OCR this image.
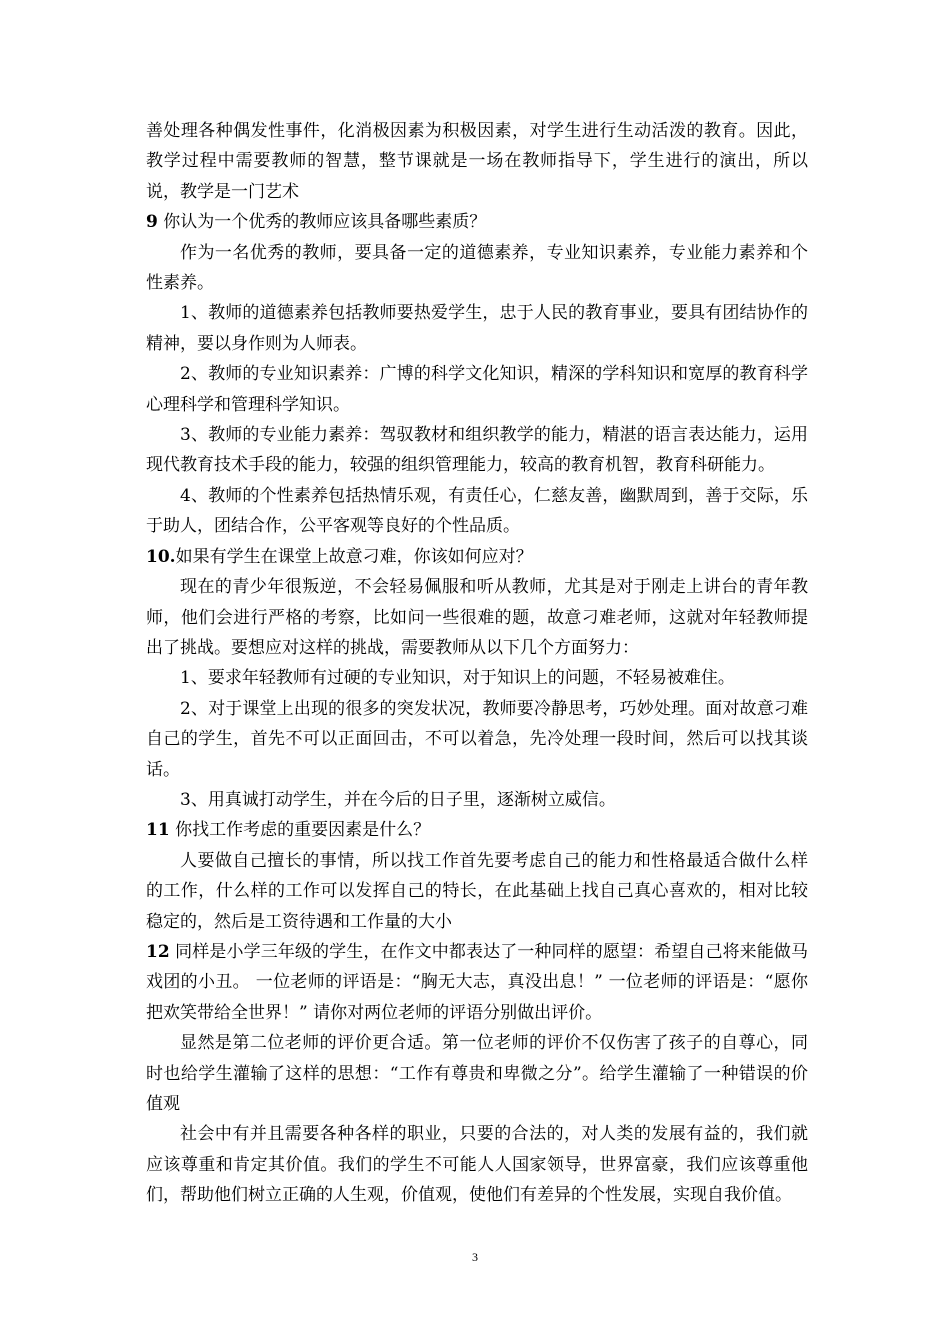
善处理各种偶发性事件，化消极因素为积极因素，对学生进行生动活泼的教育。因此，教学过程中需要教师的智慧，整节课就是一场在教师指导下，学生进行的演出，所以说，教学是一门艺术

9 你认为一个优秀的教师应该具备哪些素质？

作为一名优秀的教师，要具备一定的道德素养，专业知识素养，专业能力素养和个性素养。

1、教师的道德素养包括教师要热爱学生，忠于人民的教育事业，要具有团结协作的精神，要以身作则为人师表。

2、教师的专业知识素养：广博的科学文化知识，精深的学科知识和宽厚的教育科学心理科学和管理科学知识。

3、教师的专业能力素养：驾驭教材和组织教学的能力，精湛的语言表达能力，运用现代教育技术手段的能力，较强的组织管理能力，较高的教育机智，教育科研能力。

4、教师的个性素养包括热情乐观，有责任心，仁慈友善，幽默周到，善于交际，乐于助人，团结合作，公平客观等良好的个性品质。

10.如果有学生在课堂上故意刁难，你该如何应对？

现在的青少年很叛逆，不会轻易佩服和听从教师，尤其是对于刚走上讲台的青年教师，他们会进行严格的考察，比如问一些很难的题，故意刁难老师，这就对年轻教师提出了挑战。要想应对这样的挑战，需要教师从以下几个方面努力：

1、要求年轻教师有过硬的专业知识，对于知识上的问题，不轻易被难住。

2、对于课堂上出现的很多的突发状况，教师要冷静思考，巧妙处理。面对故意刁难自己的学生，首先不可以正面回击，不可以着急，先冷处理一段时间，然后可以找其谈话。

3、用真诚打动学生，并在今后的日子里，逐渐树立威信。

11 你找工作考虑的重要因素是什么？

人要做自己擅长的事情，所以找工作首先要考虑自己的能力和性格最适合做什么样的工作，什么样的工作可以发挥自己的特长，在此基础上找自己真心喜欢的，相对比较稳定的，然后是工资待遇和工作量的大小

12 同样是小学三年级的学生，在作文中都表达了一种同样的愿望：希望自己将来能做马戏团的小丑。 一位老师的评语是：“胸无大志，真没出息！” 一位老师的评语是：“愿你把欢笑带给全世界！” 请你对两位老师的评语分别做出评价。

显然是第二位老师的评价更合适。第一位老师的评价不仅伤害了孩子的自尊心，同时也给学生灌输了这样的思想：“工作有尊贵和卑微之分”。给学生灌输了一种错误的价值观

社会中有并且需要各种各样的职业，只要的合法的，对人类的发展有益的，我们就应该尊重和肯定其价值。我们的学生不可能人人国家领导，世界富豪，我们应该尊重他们，帮助他们树立正确的人生观，价值观，使他们有差异的个性发展，实现自我价值。

3
